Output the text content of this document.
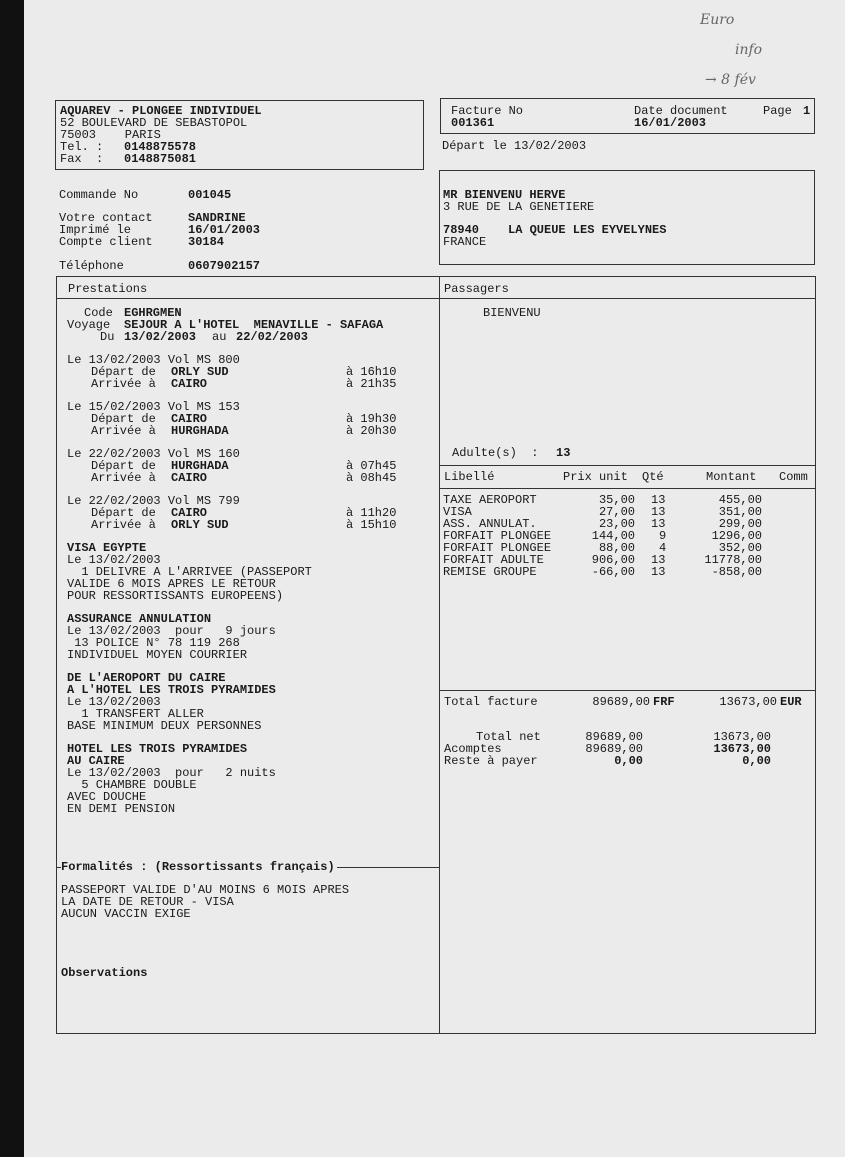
Euro
info
→ 8 fév
AQUAREV - PLONGEE INDIVIDUEL
52 BOULEVARD DE SEBASTOPOL
75003    PARIS
Tel. : 0148875578
Fax  : 0148875081
Facture No
001361
Date document
16/01/2003
Page 1
Départ le 13/02/2003
Commande No	001045
Votre contact	SANDRINE
Imprimé le	16/01/2003
Compte client	30184
Téléphone	0607902157
MR BIENVENU HERVE
3 RUE DE LA GENETIERE
78940 LA QUEUE LES EYVELYNES
FRANCE
Prestations	Passagers
Code EGHRGMEN
Voyage SEJOUR A L'HOTEL  MENAVILLE - SAFAGA
Du 13/02/2003 au 22/02/2003
Le 13/02/2003 Vol MS 800
Départ de ORLY SUD	à 16h10
Arrivée à CAIRO	à 21h35
Le 15/02/2003 Vol MS 153
Départ de CAIRO	à 19h30
Arrivée à HURGHADA	à 20h30
Le 22/02/2003 Vol MS 160
Départ de HURGHADA	à 07h45
Arrivée à CAIRO	à 08h45
Le 22/02/2003 Vol MS 799
Départ de CAIRO	à 11h20
Arrivée à ORLY SUD	à 15h10
VISA EGYPTE
Le 13/02/2003
1 DELIVRE A L'ARRIVEE (PASSEPORT
VALIDE 6 MOIS APRES LE RETOUR
POUR RESSORTISSANTS EUROPEENS)
ASSURANCE ANNULATION
Le 13/02/2003  pour   9 jours
13 POLICE N° 78 119 268
INDIVIDUEL MOYEN COURRIER
DE L'AEROPORT DU CAIRE
A L'HOTEL LES TROIS PYRAMIDES
Le 13/02/2003
1 TRANSFERT ALLER
BASE MINIMUM DEUX PERSONNES
HOTEL LES TROIS PYRAMIDES
AU CAIRE
Le 13/02/2003  pour   2 nuits
5 CHAMBRE DOUBLE
AVEC DOUCHE
EN DEMI PENSION
Formalités : (Ressortissants français)
PASSEPORT VALIDE D'AU MOINS 6 MOIS APRES
LA DATE DE RETOUR - VISA
AUCUN VACCIN EXIGE
Observations
BIENVENU
Adulte(s)  : 13
Libellé	Prix unit Qté	Montant Comm
TAXE AEROPORT	35,00 13	455,00
VISA	27,00 13	351,00
ASS. ANNULAT.	23,00 13	299,00
FORFAIT PLONGEE	144,00 9	1296,00
FORFAIT PLONGEE	88,00 4	352,00
FORFAIT ADULTE	906,00 13	11778,00
REMISE GROUPE	-66,00 13	-858,00
Total facture	89689,00 FRF	13673,00 EUR
Total net	89689,00	13673,00
Acomptes	89689,00	13673,00
Reste à payer	0,00	0,00
